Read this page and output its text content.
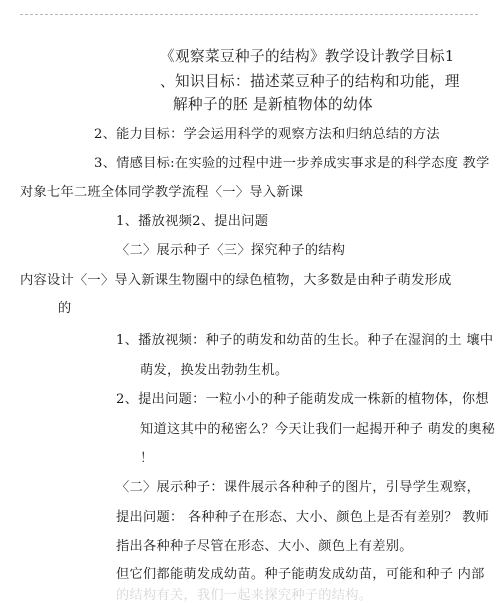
《观察菜豆种子的结构》教学设计教学目标1
、知识目标：描述菜豆种子的结构和功能，理
解种子的胚 是新植物体的幼体
2、能力目标：学会运用科学的观察方法和归纳总结的方法
3、情感目标:在实验的过程中进一步养成实事求是的科学态度 教学
对象七年二班全体同学教学流程〈一〉导入新课
1、播放视频2、提出问题
〈二〉展示种子〈三〉探究种子的结构
内容设计〈一〉导入新课生物圈中的绿色植物，大多数是由种子萌发形成
的
1、播放视频：种子的萌发和幼苗的生长。种子在湿润的土 壤中
萌发，换发出勃勃生机。
2、提出问题：一粒小小的种子能萌发成一株新的植物体，你想
知道这其中的秘密么？今天让我们一起揭开种子 萌发的奥秘
！
〈二〉展示种子：课件展示各种种子的图片，引导学生观察，
提出问题： 各种种子在形态、大小、颜色上是否有差别？ 教师
指出各种种子尽管在形态、大小、颜色上有差别。
但它们都能萌发成幼苗。种子能萌发成幼苗，可能和种子 内部
的结构有关，我们一起来探究种子的结构。
